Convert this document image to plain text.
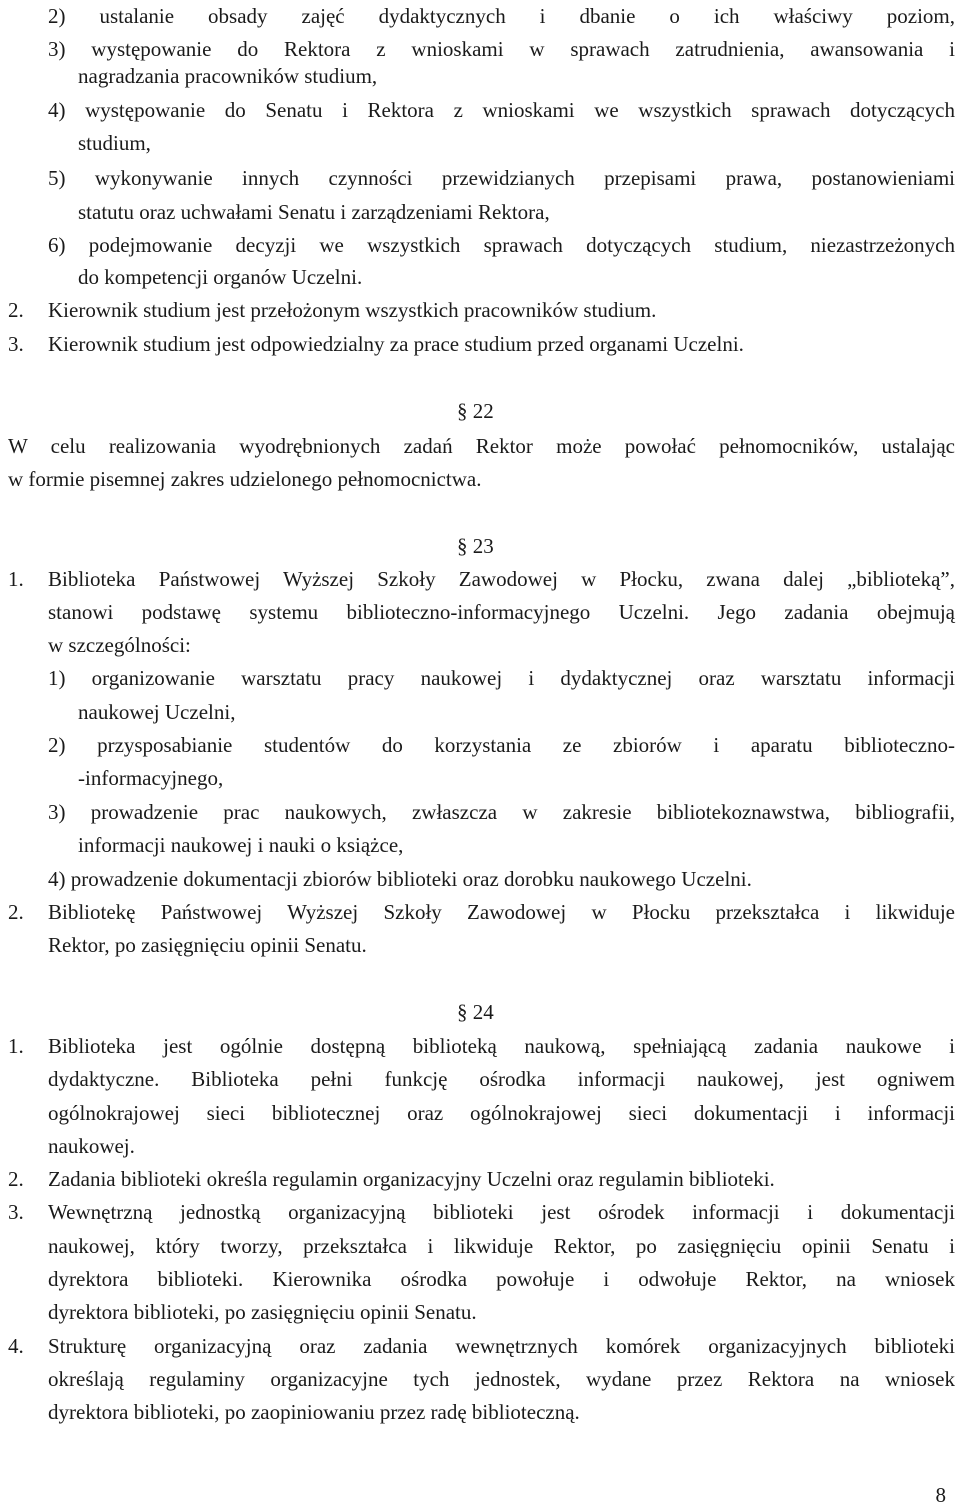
2) ustalanie obsady zajęć dydaktycznych i dbanie o ich właściwy poziom,
3) występowanie do Rektora z wnioskami w sprawach zatrudnienia, awansowania i
nagradzania pracowników studium,
4) występowanie do Senatu i Rektora z wnioskami we wszystkich sprawach dotyczących
studium,
5) wykonywanie innych czynności przewidzianych przepisami prawa, postanowieniami
statutu oraz uchwałami Senatu i zarządzeniami Rektora,
6) podejmowanie decyzji we wszystkich sprawach dotyczących studium, niezastrzeżonych
do kompetencji organów Uczelni.
2. Kierownik studium jest przełożonym wszystkich pracowników studium.
3. Kierownik studium jest odpowiedzialny za prace studium przed organami Uczelni.
§ 22
W celu realizowania wyodrębnionych zadań Rektor może powołać pełnomocników, ustalając
w formie pisemnej zakres udzielonego pełnomocnictwa.
§ 23
1. Biblioteka Państwowej Wyższej Szkoły Zawodowej w Płocku, zwana dalej „biblioteką”,
stanowi podstawę systemu biblioteczno-informacyjnego Uczelni. Jego zadania obejmują
w szczególności:
1) organizowanie warsztatu pracy naukowej i dydaktycznej oraz warsztatu informacji
naukowej Uczelni,
2) przysposabianie studentów do korzystania ze zbiorów i aparatu biblioteczno-
-informacyjnego,
3) prowadzenie prac naukowych, zwłaszcza w zakresie bibliotekoznawstwa, bibliografii,
informacji naukowej i nauki o książce,
4) prowadzenie dokumentacji zbiorów biblioteki oraz dorobku naukowego Uczelni.
2. Bibliotekę Państwowej Wyższej Szkoły Zawodowej w Płocku przekształca i likwiduje
Rektor, po zasięgnięciu opinii Senatu.
§ 24
1. Biblioteka jest ogólnie dostępną biblioteką naukową, spełniającą zadania naukowe i
dydaktyczne. Biblioteka pełni funkcję ośrodka informacji naukowej, jest ogniwem
ogólnokrajowej sieci bibliotecznej oraz ogólnokrajowej sieci dokumentacji i informacji
naukowej.
2. Zadania biblioteki określa regulamin organizacyjny Uczelni oraz regulamin biblioteki.
3. Wewnętrzną jednostką organizacyjną biblioteki jest ośrodek informacji i dokumentacji
naukowej, który tworzy, przekształca i likwiduje Rektor, po zasięgnięciu opinii Senatu i
dyrektora biblioteki. Kierownika ośrodka powołuje i odwołuje Rektor, na wniosek
dyrektora biblioteki, po zasięgnięciu opinii Senatu.
4. Strukturę organizacyjną oraz zadania wewnętrznych komórek organizacyjnych biblioteki
określają regulaminy organizacyjne tych jednostek, wydane przez Rektora na wniosek
dyrektora biblioteki, po zaopiniowaniu przez radę biblioteczną.
8
